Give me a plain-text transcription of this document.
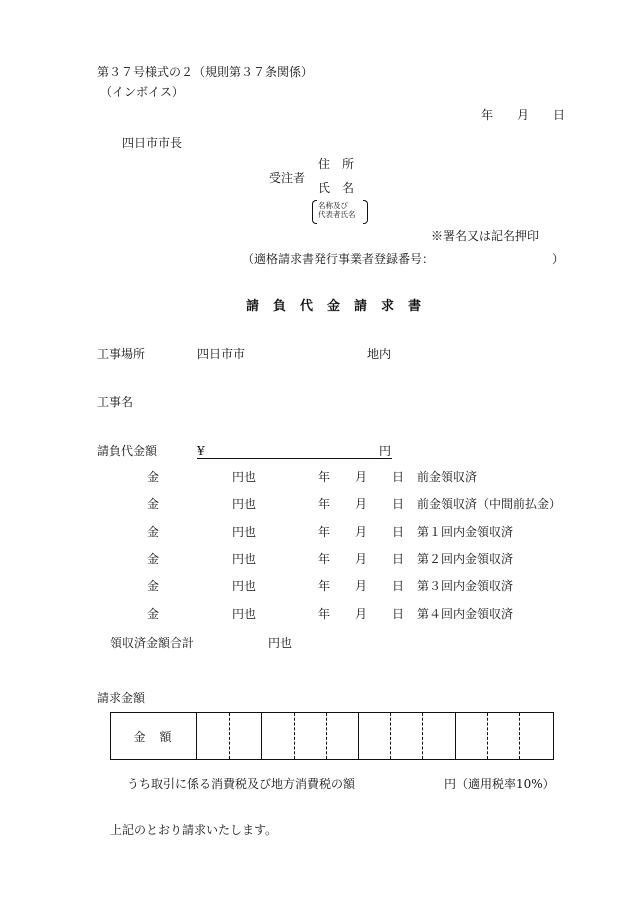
第３７号様式の２（規則第３７条関係）
（インボイス）
年 月 日
四日市市長
受注者
住　所
氏　名
名称及び
代表者氏名
※署名又は記名押印
（適格請求書発行事業者登録番号：	）
請負代金請求書
工事場所	四日市市	地内
工事名
請負代金額	¥	円
金	円也	年 月 日 前金領収済
金	円也	年 月 日 前金領収済（中間前払金）
金	円也	年 月 日 第１回内金領収済
金	円也	年 月 日 第２回内金領収済
金	円也	年 月 日 第３回内金領収済
金	円也	年 月 日 第４回内金領収済
領収済金額合計	円也
請求金額
金額
うち取引に係る消費税及び地方消費税の額	円（適用税率10%）
上記のとおり請求いたします。
